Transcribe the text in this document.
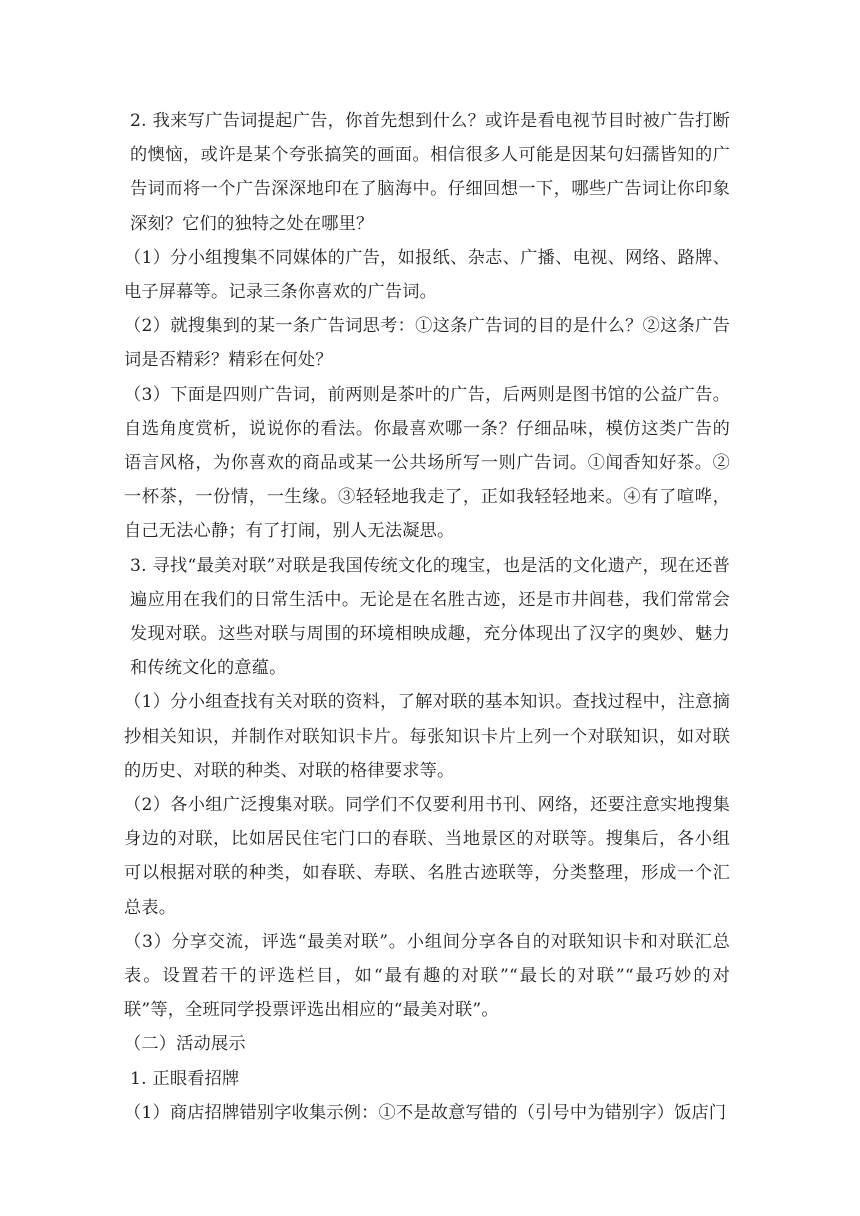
2. 我来写广告词提起广告，你首先想到什么？或许是看电视节目时被广告打断的懊恼，或许是某个夸张搞笑的画面。相信很多人可能是因某句妇孺皆知的广告词而将一个广告深深地印在了脑海中。仔细回想一下，哪些广告词让你印象深刻？它们的独特之处在哪里？

（1）分小组搜集不同媒体的广告，如报纸、杂志、广播、电视、网络、路牌、电子屏幕等。记录三条你喜欢的广告词。

（2）就搜集到的某一条广告词思考：①这条广告词的目的是什么？②这条广告词是否精彩？精彩在何处？

（3）下面是四则广告词，前两则是茶叶的广告，后两则是图书馆的公益广告。自选角度赏析，说说你的看法。你最喜欢哪一条？仔细品味，模仿这类广告的语言风格，为你喜欢的商品或某一公共场所写一则广告词。①闻香知好茶。②一杯茶，一份情，一生缘。③轻轻地我走了，正如我轻轻地来。④有了喧哗，自己无法心静；有了打闹，别人无法凝思。

3. 寻找“最美对联”对联是我国传统文化的瑰宝，也是活的文化遗产，现在还普遍应用在我们的日常生活中。无论是在名胜古迹，还是市井闾巷，我们常常会发现对联。这些对联与周围的环境相映成趣，充分体现出了汉字的奥妙、魅力和传统文化的意蕴。

（1）分小组查找有关对联的资料，了解对联的基本知识。查找过程中，注意摘抄相关知识，并制作对联知识卡片。每张知识卡片上列一个对联知识，如对联的历史、对联的种类、对联的格律要求等。

（2）各小组广泛搜集对联。同学们不仅要利用书刊、网络，还要注意实地搜集身边的对联，比如居民住宅门口的春联、当地景区的对联等。搜集后，各小组可以根据对联的种类，如春联、寿联、名胜古迹联等，分类整理，形成一个汇总表。

（3）分享交流，评选“最美对联”。小组间分享各自的对联知识卡和对联汇总表。设置若干的评选栏目，如“最有趣的对联”“最长的对联”“最巧妙的对联”等，全班同学投票评选出相应的“最美对联”。

（二）活动展示

1. 正眼看招牌

（1）商店招牌错别字收集示例：①不是故意写错的（引号中为错别字）饭店门
